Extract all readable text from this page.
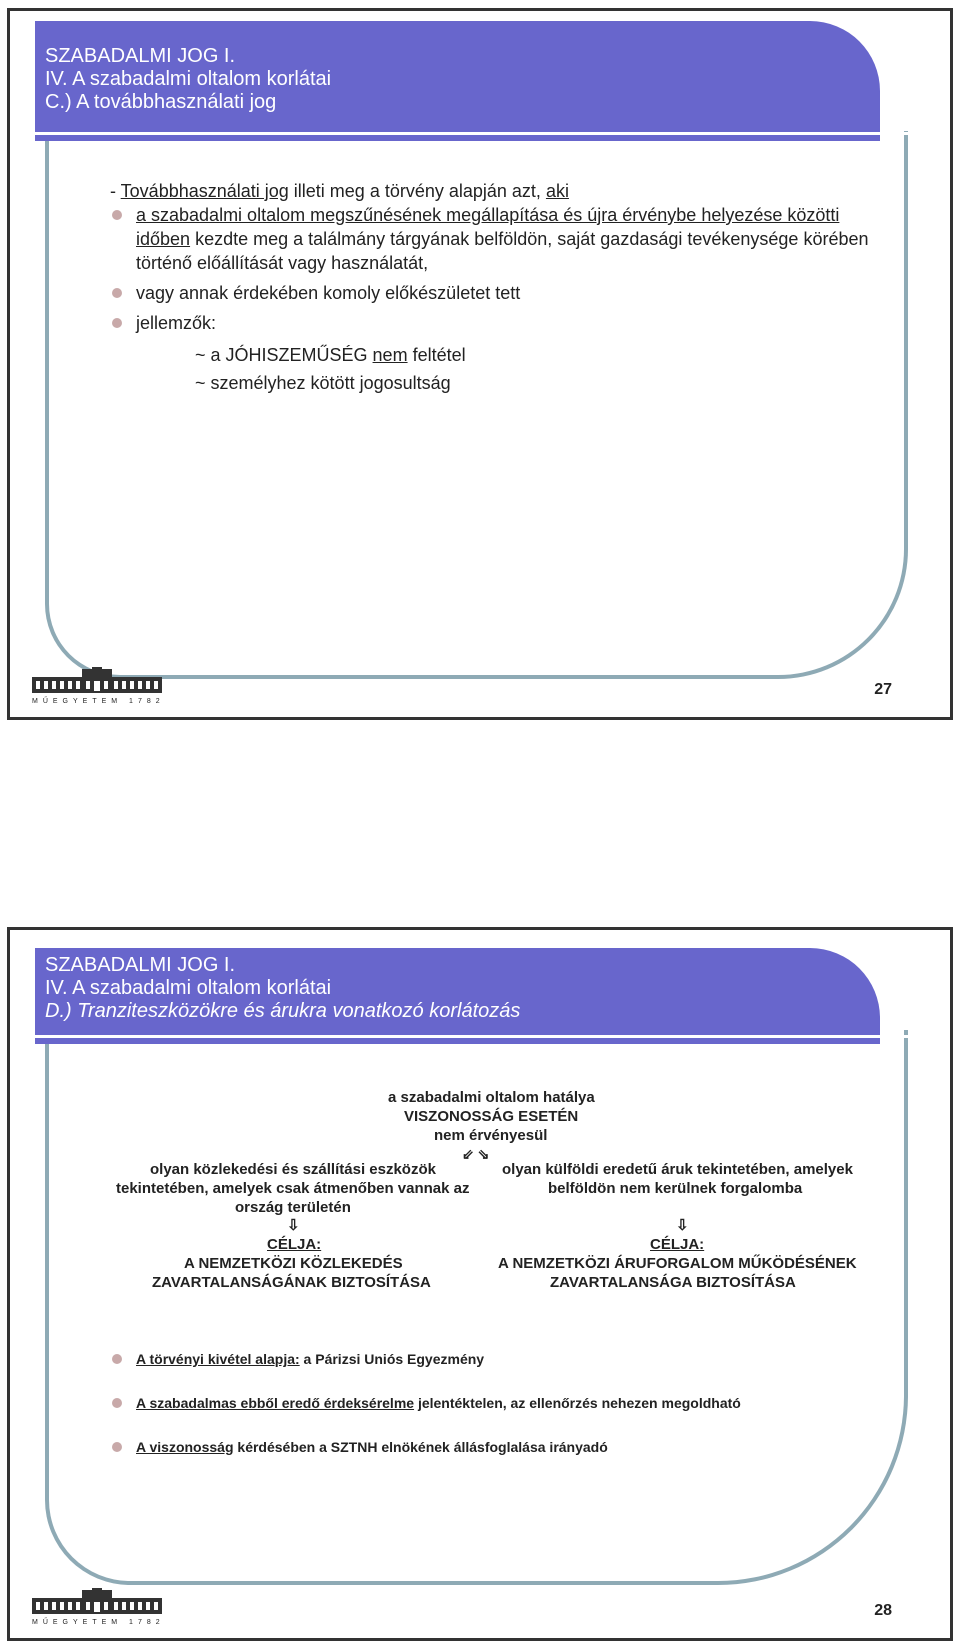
SZABADALMI JOG I.
IV. A szabadalmi oltalom korlátai
C.) A továbbhasználati jog
- Továbbhasználati jog illeti meg a törvény alapján azt, aki
a szabadalmi oltalom megszűnésének megállapítása és újra érvénybe helyezése közötti időben kezdte meg a találmány tárgyának belföldön, saját gazdasági tevékenysége körében történő előállítását vagy használatát,
vagy annak érdekében komoly előkészületet tett
jellemzők:
~ a JÓHISZEMŰSÉG nem feltétel
~ személyhez kötött jogosultság
MŰEGYETEM 1782
27
SZABADALMI JOG I.
IV. A szabadalmi oltalom korlátai
D.) Tranziteszközökre és árukra vonatkozó korlátozás
a szabadalmi oltalom hatálya
VISZONOSSÁG ESETÉN
nem érvényesül
⇙ ⇘
olyan közlekedési és szállítási eszközök
tekintetében, amelyek csak átmenőben vannak az
ország területén
⇩
CÉLJA:
A NEMZETKÖZI KÖZLEKEDÉS
ZAVARTALANSÁGÁNAK BIZTOSÍTÁSA
olyan külföldi eredetű áruk tekintetében, amelyek
belföldön nem kerülnek forgalomba
⇩
CÉLJA:
A NEMZETKÖZI ÁRUFORGALOM MŰKÖDÉSÉNEK
ZAVARTALANSÁGA BIZTOSÍTÁSA
A törvényi kivétel alapja: a Párizsi Uniós Egyezmény
A szabadalmas ebből eredő érdeksérelme jelentéktelen, az ellenőrzés nehezen megoldható
A viszonosság kérdésében a SZTNH elnökének állásfoglalása irányadó
MŰEGYETEM 1782
28
